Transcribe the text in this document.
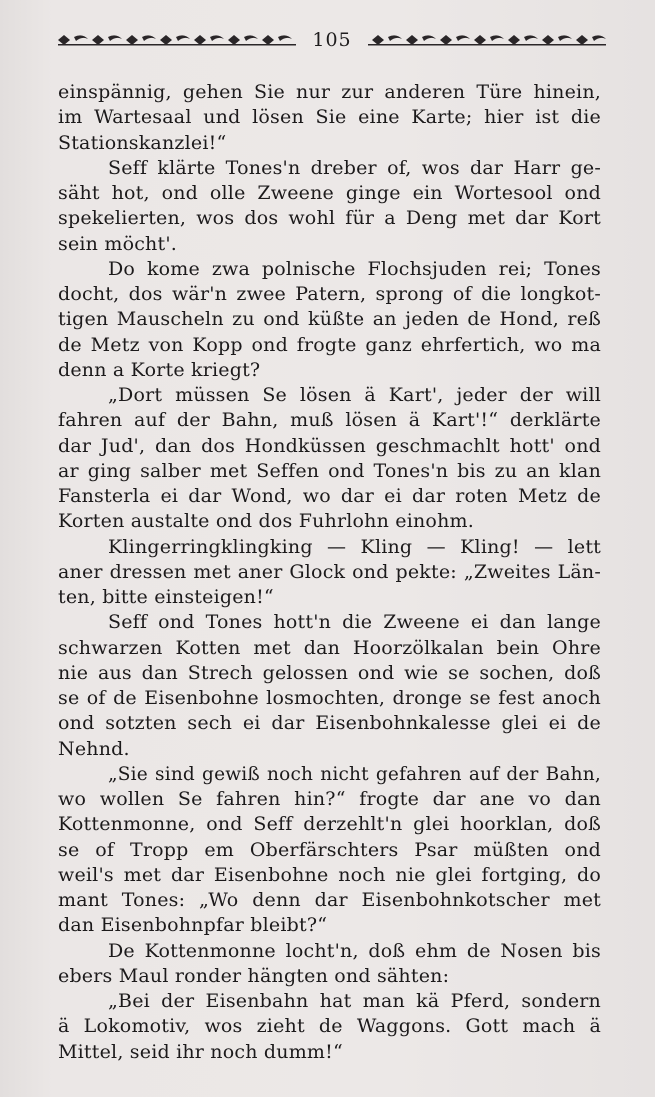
105
einspännig, gehen Sie nur zur anderen Türe hinein,
im Wartesaal und lösen Sie eine Karte; hier ist die
Stationskanzlei!“
Seff klärte Tones'n dreber of, wos dar Harr ge-
säht hot, ond olle Zweene ginge ein Wortesool ond
spekelierten, wos dos wohl für a Deng met dar Kort
sein möcht'.
Do kome zwa polnische Flochsjuden rei; Tones
docht, dos wär'n zwee Patern, sprong of die longkot-
tigen Mauscheln zu ond küßte an jeden de Hond, reß
de Metz von Kopp ond frogte ganz ehrfertich, wo ma
denn a Korte kriegt?
„Dort müssen Se lösen ä Kart', jeder der will
fahren auf der Bahn, muß lösen ä Kart'!“ derklärte
dar Jud', dan dos Hondküssen geschmachlt hott' ond
ar ging salber met Seffen ond Tones'n bis zu an klan
Fansterla ei dar Wond, wo dar ei dar roten Metz de
Korten austalte ond dos Fuhrlohn einohm.
Klingerringklingking — Kling — Kling! — lett
aner dressen met aner Glock ond pekte: „Zweites Län-
ten, bitte einsteigen!“
Seff ond Tones hott'n die Zweene ei dan lange
schwarzen Kotten met dan Hoorzölkalan bein Ohre
nie aus dan Strech gelossen ond wie se sochen, doß
se of de Eisenbohne losmochten, dronge se fest anoch
ond sotzten sech ei dar Eisenbohnkalesse glei ei de
Nehnd.
„Sie sind gewiß noch nicht gefahren auf der Bahn,
wo wollen Se fahren hin?“ frogte dar ane vo dan
Kottenmonne, ond Seff derzehlt'n glei hoorklan, doß
se of Tropp em Oberfärschters Psar müßten ond
weil's met dar Eisenbohne noch nie glei fortging, do
mant Tones: „Wo denn dar Eisenbohnkotscher met
dan Eisenbohnpfar bleibt?“
De Kottenmonne locht'n, doß ehm de Nosen bis
ebers Maul ronder hängten ond sähten:
„Bei der Eisenbahn hat man kä Pferd, sondern
ä Lokomotiv, wos zieht de Waggons. Gott mach ä
Mittel, seid ihr noch dumm!“
